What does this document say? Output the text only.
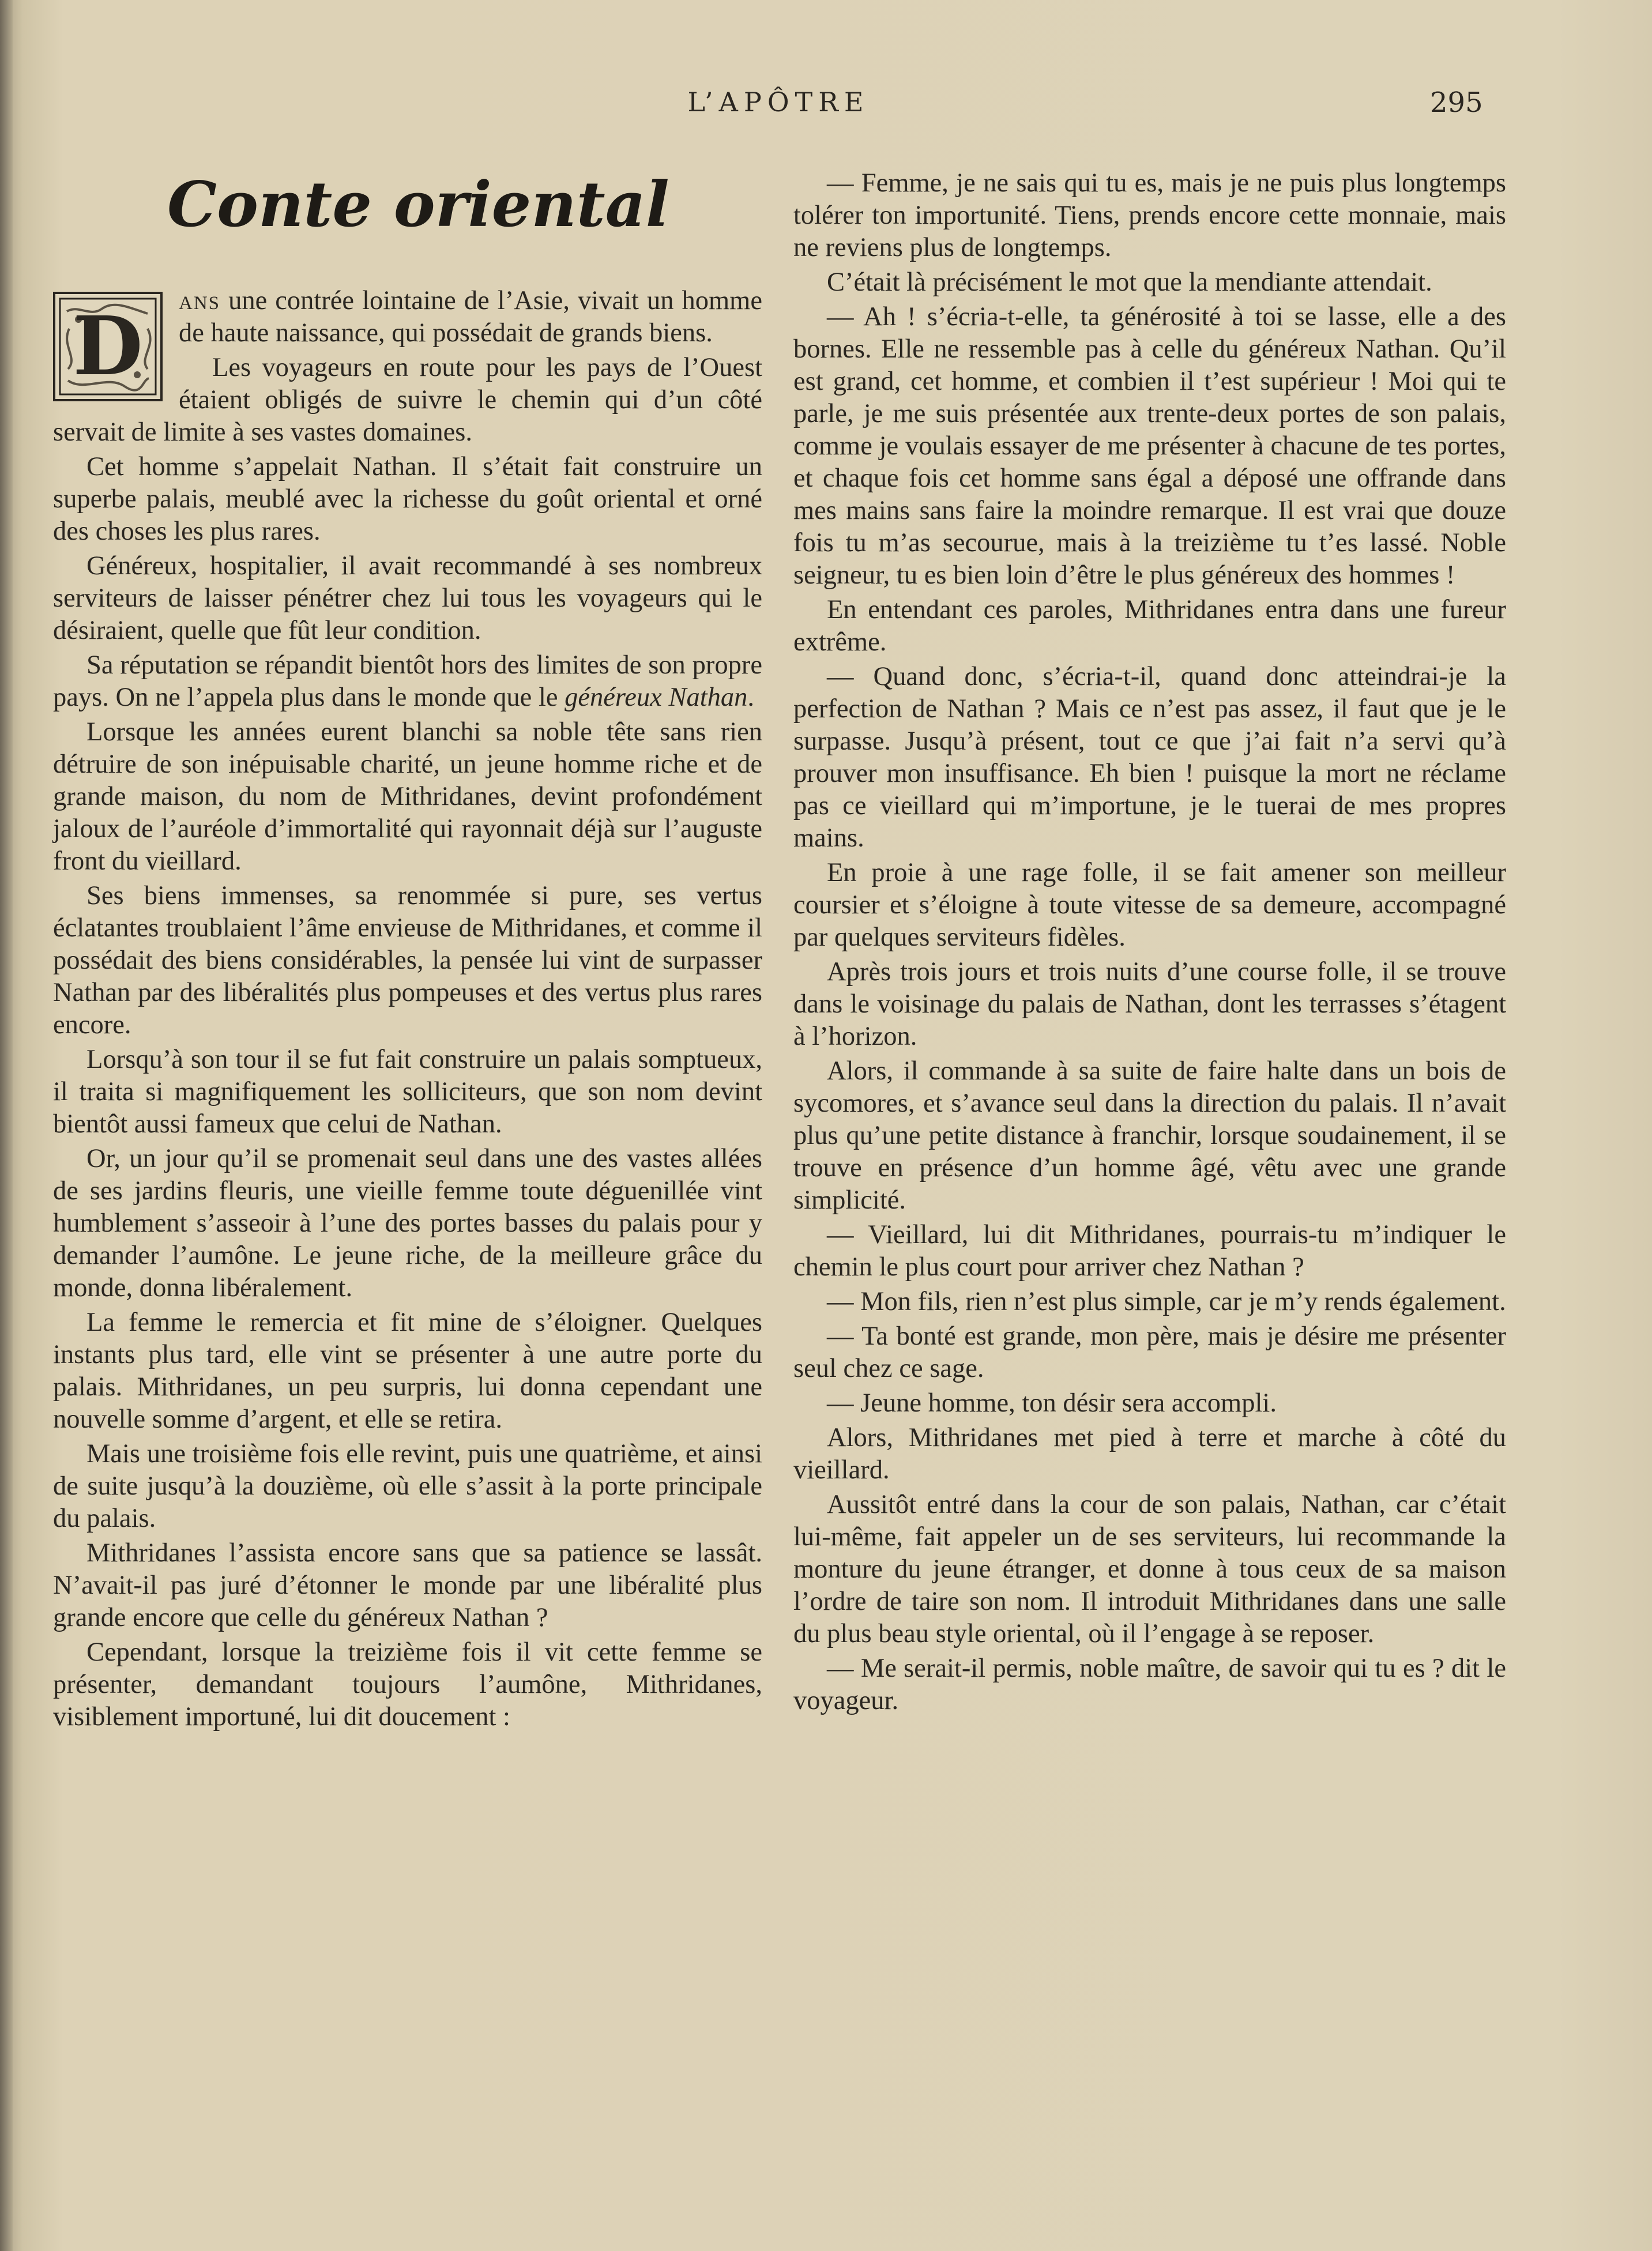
L’APÔTRE	295
Conte oriental

D	ans une contrée lointaine de l’Asie, vivait un homme de haute naissance, qui possédait de grands biens.

Les voyageurs en route pour les pays de l’Ouest étaient obligés de suivre le chemin qui d’un côté servait de limite à ses vastes domaines.

Cet homme s’appelait Nathan. Il s’était fait construire un superbe palais, meublé avec la richesse du goût oriental et orné des choses les plus rares.

Généreux, hospitalier, il avait recommandé à ses nombreux serviteurs de laisser pénétrer chez lui tous les voyageurs qui le désiraient, quelle que fût leur condition.

Sa réputation se répandit bientôt hors des limites de son propre pays. On ne l’appela plus dans le monde que le généreux Nathan.

Lorsque les années eurent blanchi sa noble tête sans rien détruire de son inépuisable charité, un jeune homme riche et de grande maison, du nom de Mithridanes, devint profondément jaloux de l’auréole d’immortalité qui rayonnait déjà sur l’auguste front du vieillard.

Ses biens immenses, sa renommée si pure, ses vertus éclatantes troublaient l’âme envieuse de Mithridanes, et comme il possédait des biens considérables, la pensée lui vint de surpasser Nathan par des libéralités plus pompeuses et des vertus plus rares encore.

Lorsqu’à son tour il se fut fait construire un palais somptueux, il traita si magnifiquement les solliciteurs, que son nom devint bientôt aussi fameux que celui de Nathan.

Or, un jour qu’il se promenait seul dans une des vastes allées de ses jardins fleuris, une vieille femme toute déguenillée vint humblement s’asseoir à l’une des portes basses du palais pour y demander l’aumône. Le jeune riche, de la meilleure grâce du monde, donna libéralement.

La femme le remercia et fit mine de s’éloigner. Quelques instants plus tard, elle vint se présenter à une autre porte du palais. Mithridanes, un peu surpris, lui donna cependant une nouvelle somme d’argent, et elle se retira.

Mais une troisième fois elle revint, puis une quatrième, et ainsi de suite jusqu’à la douzième, où elle s’assit à la porte principale du palais.

Mithridanes l’assista encore sans que sa patience se lassât. N’avait-il pas juré d’étonner le monde par une libéralité plus grande encore que celle du généreux Nathan ?

Cependant, lorsque la treizième fois il vit cette femme se présenter, demandant toujours l’aumône, Mithridanes, visiblement importuné, lui dit doucement :

— Femme, je ne sais qui tu es, mais je ne puis plus longtemps tolérer ton importunité. Tiens, prends encore cette monnaie, mais ne reviens plus de longtemps.

C’était là précisément le mot que la mendiante attendait.

— Ah ! s’écria-t-elle, ta générosité à toi se lasse, elle a des bornes. Elle ne ressemble pas à celle du généreux Nathan. Qu’il est grand, cet homme, et combien il t’est supérieur ! Moi qui te parle, je me suis présentée aux trente-deux portes de son palais, comme je voulais essayer de me présenter à chacune de tes portes, et chaque fois cet homme sans égal a déposé une offrande dans mes mains sans faire la moindre remarque. Il est vrai que douze fois tu m’as secourue, mais à la treizième tu t’es lassé. Noble seigneur, tu es bien loin d’être le plus généreux des hommes !

En entendant ces paroles, Mithridanes entra dans une fureur extrême.

— Quand donc, s’écria-t-il, quand donc atteindrai-je la perfection de Nathan ? Mais ce n’est pas assez, il faut que je le surpasse. Jusqu’à présent, tout ce que j’ai fait n’a servi qu’à prouver mon insuffisance. Eh bien ! puisque la mort ne réclame pas ce vieillard qui m’importune, je le tuerai de mes propres mains.

En proie à une rage folle, il se fait amener son meilleur coursier et s’éloigne à toute vitesse de sa demeure, accompagné par quelques serviteurs fidèles.

Après trois jours et trois nuits d’une course folle, il se trouve dans le voisinage du palais de Nathan, dont les terrasses s’étagent à l’horizon.

Alors, il commande à sa suite de faire halte dans un bois de sycomores, et s’avance seul dans la direction du palais. Il n’avait plus qu’une petite distance à franchir, lorsque soudainement, il se trouve en présence d’un homme âgé, vêtu avec une grande simplicité.

— Vieillard, lui dit Mithridanes, pourrais-tu m’indiquer le chemin le plus court pour arriver chez Nathan ?

— Mon fils, rien n’est plus simple, car je m’y rends également.

— Ta bonté est grande, mon père, mais je désire me présenter seul chez ce sage.

— Jeune homme, ton désir sera accompli.

Alors, Mithridanes met pied à terre et marche à côté du vieillard.

Aussitôt entré dans la cour de son palais, Nathan, car c’était lui-même, fait appeler un de ses serviteurs, lui recommande la monture du jeune étranger, et donne à tous ceux de sa maison l’ordre de taire son nom. Il introduit Mithridanes dans une salle du plus beau style oriental, où il l’engage à se reposer.

— Me serait-il permis, noble maître, de savoir qui tu es ? dit le voyageur.
